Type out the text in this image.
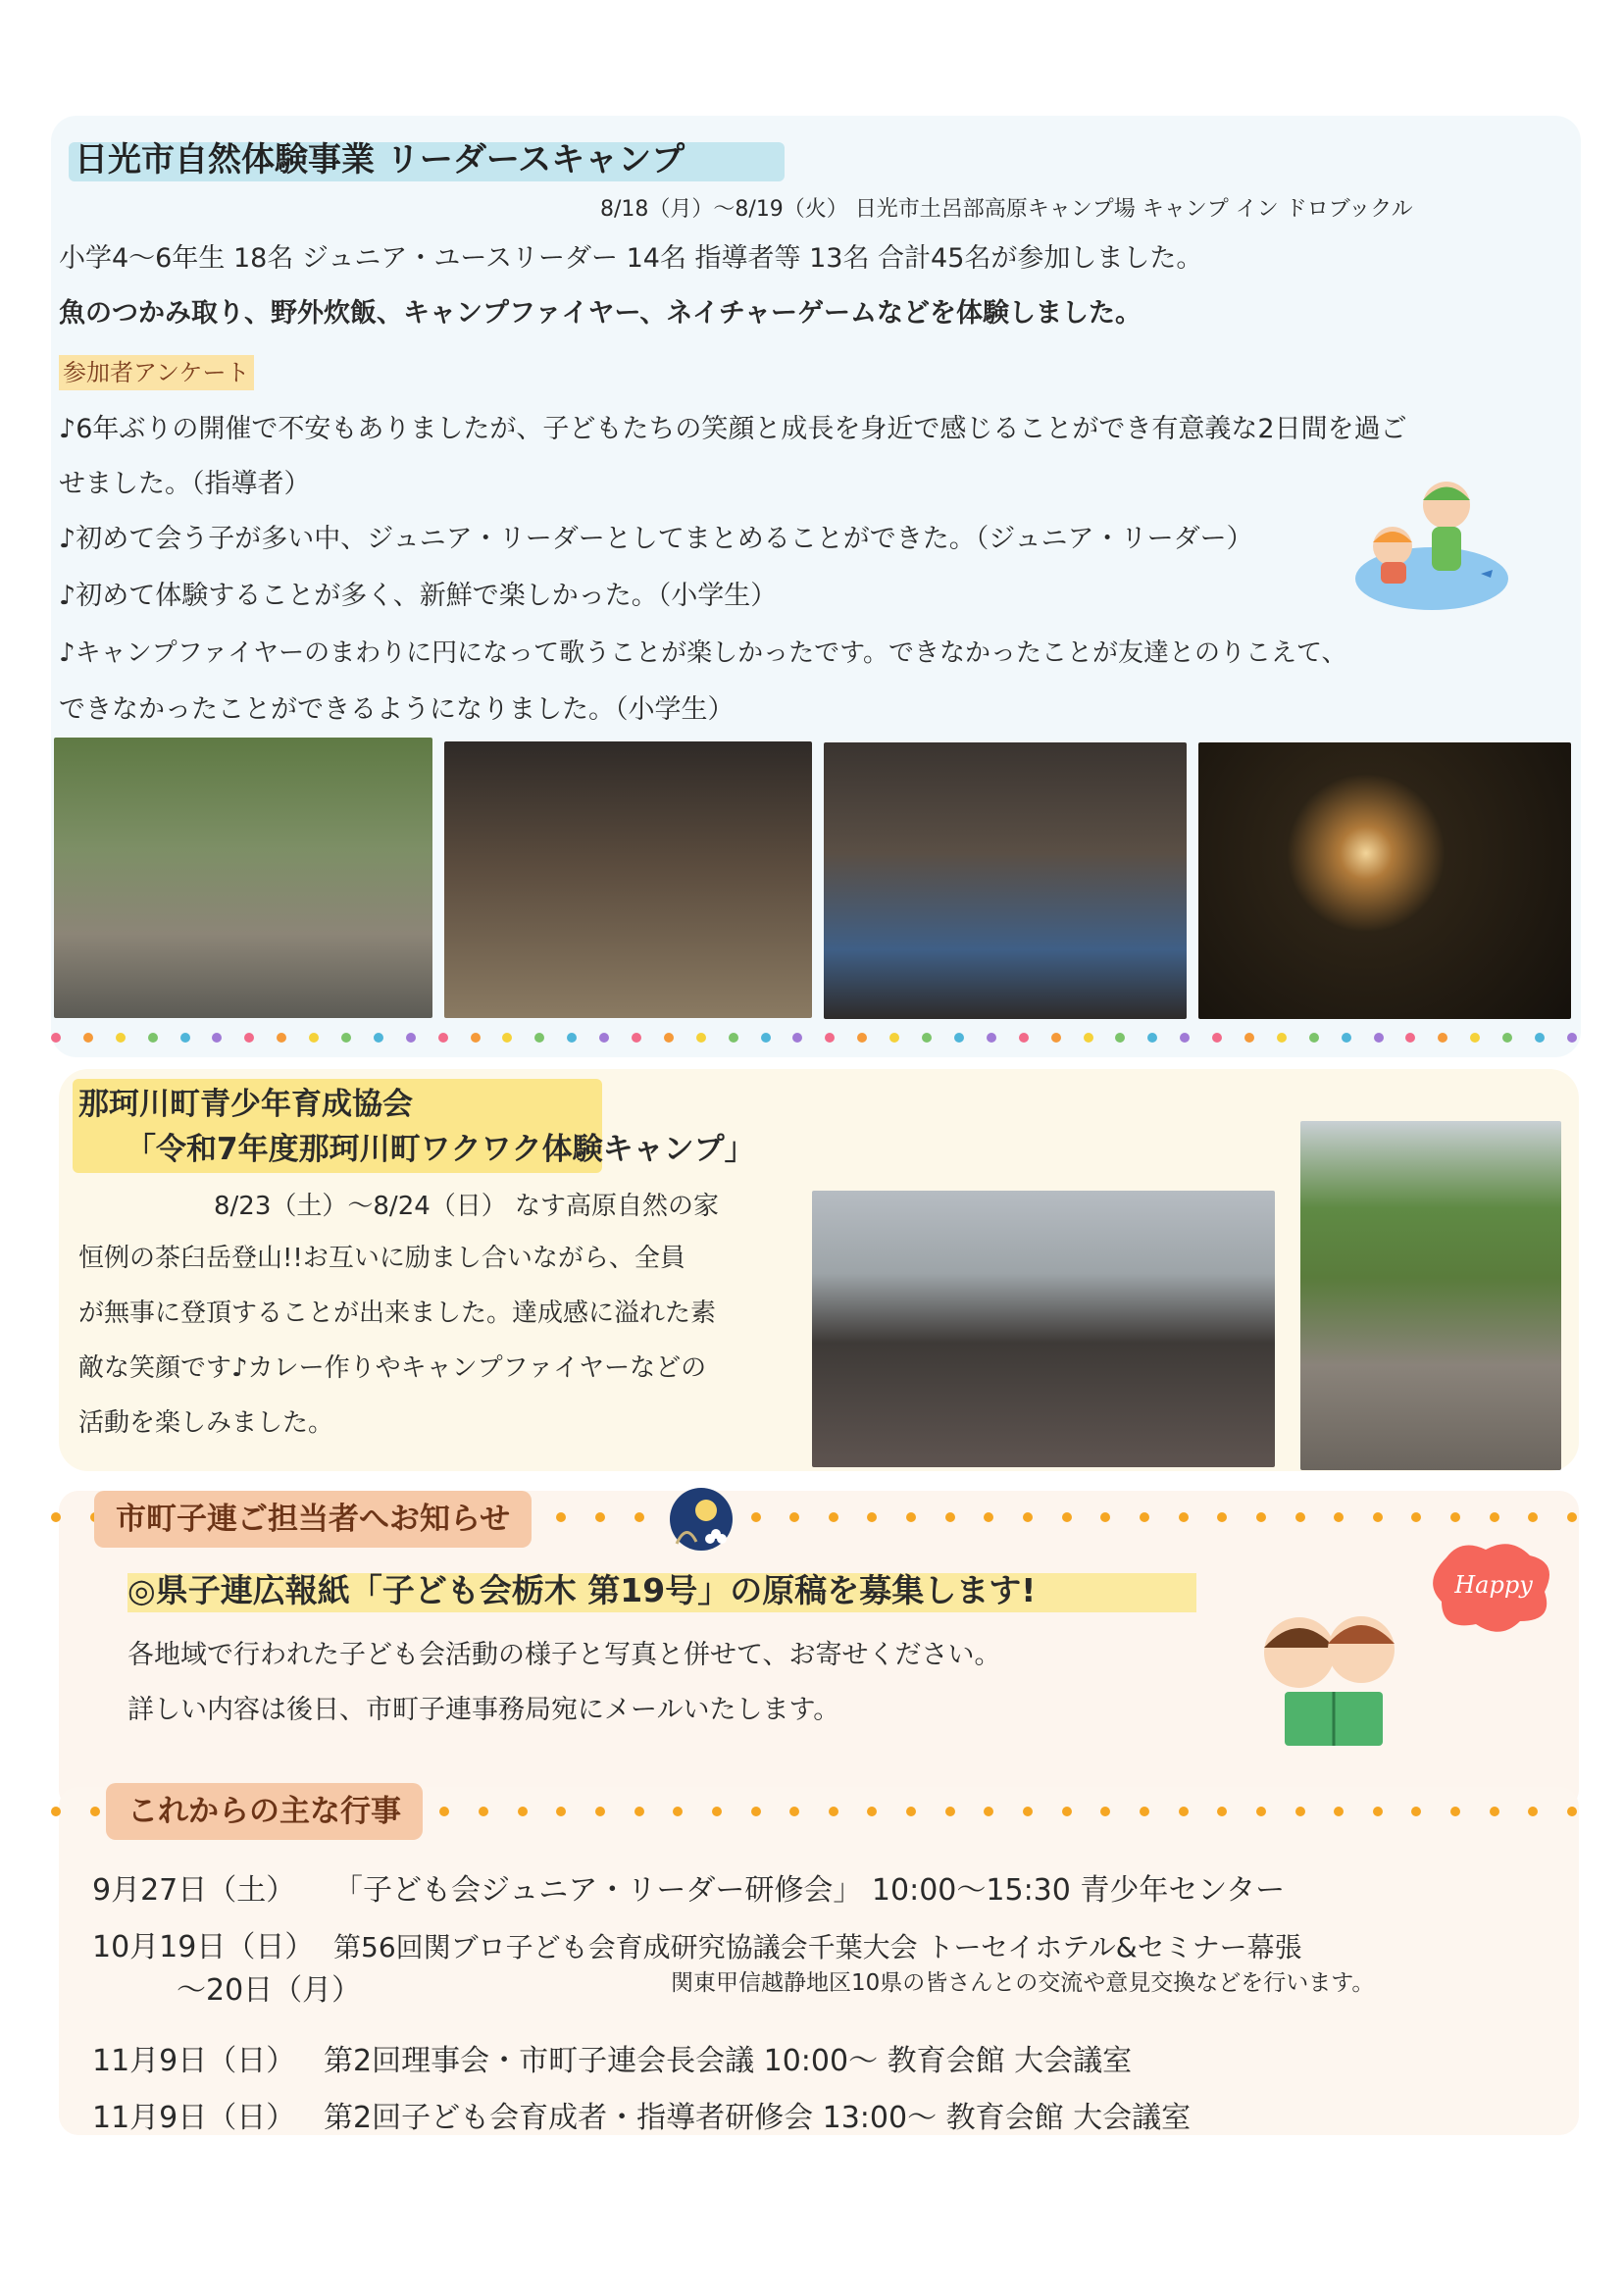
日光市自然体験事業 リーダースキャンプ
8/18（月）～8/19（火） 日光市土呂部高原キャンプ場 キャンプ イン ドロブックル
小学4～6年生 18名 ジュニア・ユースリーダー 14名 指導者等 13名 合計45名が参加しました。
魚のつかみ取り、野外炊飯、キャンプファイヤー、ネイチャーゲームなどを体験しました。
参加者アンケート
♪6年ぶりの開催で不安もありましたが、子どもたちの笑顔と成長を身近で感じることができ有意義な2日間を過ご
せました。（指導者）
♪初めて会う子が多い中、ジュニア・リーダーとしてまとめることができた。（ジュニア・リーダー）
♪初めて体験することが多く、新鮮で楽しかった。（小学生）
♪キャンプファイヤーのまわりに円になって歌うことが楽しかったです。できなかったことが友達とのりこえて、
できなかったことができるようになりました。（小学生）
那珂川町青少年育成協会
「令和7年度那珂川町ワクワク体験キャンプ」
8/23（土）～8/24（日） なす高原自然の家
恒例の茶臼岳登山!!お互いに励まし合いながら、全員
が無事に登頂することが出来ました。達成感に溢れた素
敵な笑顔です♪カレー作りやキャンプファイヤーなどの
活動を楽しみました。
市町子連ご担当者へお知らせ
◎県子連広報紙「子ども会栃木 第19号」の原稿を募集します!
各地域で行われた子ども会活動の様子と写真と併せて、お寄せください。
詳しい内容は後日、市町子連事務局宛にメールいたします。
Happy
これからの主な行事
9月27日（土） 「子ども会ジュニア・リーダー研修会」 10:00～15:30 青少年センター
10月19日（日） 第56回関ブロ子ども会育成研究協議会千葉大会 トーセイホテル&セミナー幕張
～20日（月）	関東甲信越静地区10県の皆さんとの交流や意見交換などを行います。
11月9日（日） 第2回理事会・市町子連会長会議 10:00～ 教育会館 大会議室
11月9日（日） 第2回子ども会育成者・指導者研修会 13:00～ 教育会館 大会議室
